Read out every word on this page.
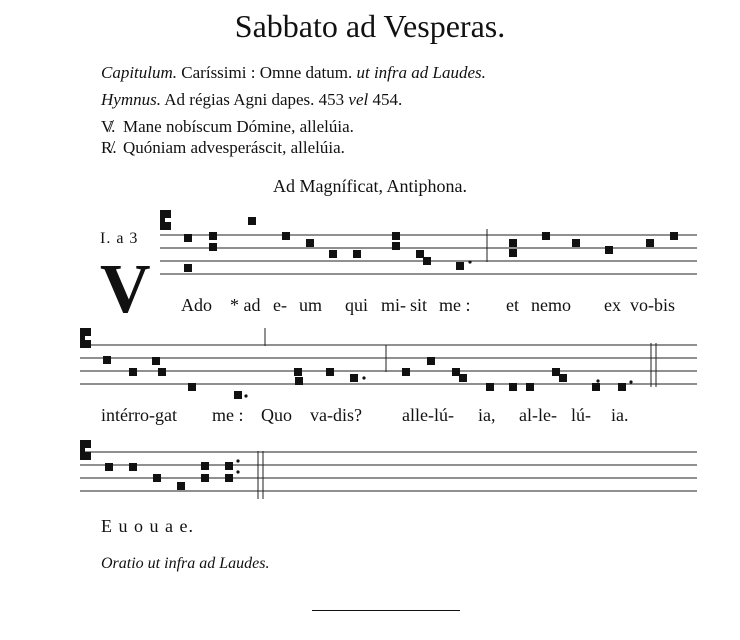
Sabbato ad Vesperas.
Capitulum. Caríssimi : Omne datum. ut infra ad Laudes.
Hymnus. Ad régias Agni dapes. 453 vel 454.
V̸. Mane nobíscum Dómine, allelúia.
R̸. Quóniam advesperáscit, allelúia.
Ad Magníficat, Antiphona.
I. a 3
V Ado * ad e- um qui mi- sit me : et nemo ex vo-bis
intérro-gat me : Quo va-dis? alle-lú- ia, al-le- lú- ia.
E u o u a e.
Oratio ut infra ad Laudes.
